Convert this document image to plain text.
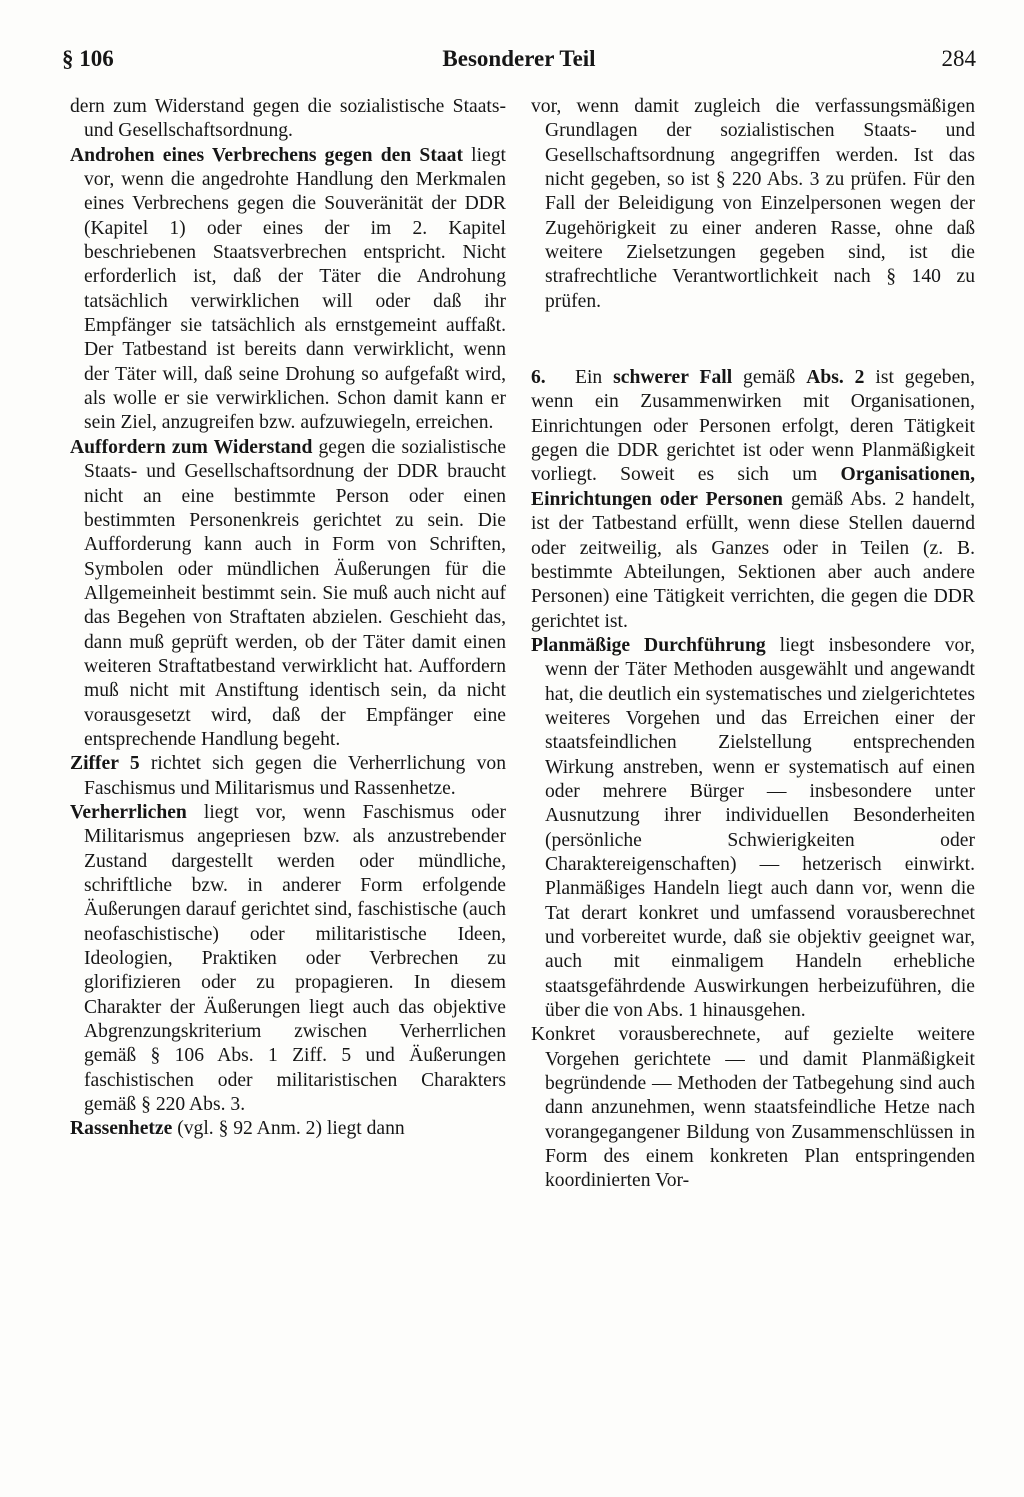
§ 106	Besonderer Teil	284

dern zum Widerstand gegen die sozialistische Staats- und Gesellschaftsordnung.

Androhen eines Verbrechens gegen den Staat liegt vor, wenn die angedrohte Handlung den Merkmalen eines Verbrechens gegen die Souveränität der DDR (Kapitel 1) oder eines der im 2. Kapitel beschriebenen Staatsverbrechen entspricht. Nicht erforderlich ist, daß der Täter die Androhung tatsächlich verwirklichen will oder daß ihr Empfänger sie tatsächlich als ernstgemeint auffaßt. Der Tatbestand ist bereits dann verwirklicht, wenn der Täter will, daß seine Drohung so aufgefaßt wird, als wolle er sie verwirklichen. Schon damit kann er sein Ziel, anzugreifen bzw. aufzuwiegeln, erreichen.

Auffordern zum Widerstand gegen die sozialistische Staats- und Gesellschaftsordnung der DDR braucht nicht an eine bestimmte Person oder einen bestimmten Personenkreis gerichtet zu sein. Die Aufforderung kann auch in Form von Schriften, Symbolen oder mündlichen Äußerungen für die Allgemeinheit bestimmt sein. Sie muß auch nicht auf das Begehen von Straftaten abzielen. Geschieht das, dann muß geprüft werden, ob der Täter damit einen weiteren Straftatbestand verwirklicht hat. Auffordern muß nicht mit Anstiftung identisch sein, da nicht vorausgesetzt wird, daß der Empfänger eine entsprechende Handlung begeht.

Ziffer 5 richtet sich gegen die Verherrlichung von Faschismus und Militarismus und Rassenhetze.

Verherrlichen liegt vor, wenn Faschismus oder Militarismus angepriesen bzw. als anzustrebender Zustand dargestellt werden oder mündliche, schriftliche bzw. in anderer Form erfolgende Äußerungen darauf gerichtet sind, faschistische (auch neofaschistische) oder militaristische Ideen, Ideologien, Praktiken oder Verbrechen zu glorifizieren oder zu propagieren. In diesem Charakter der Äußerungen liegt auch das objektive Abgrenzungskriterium zwischen Verherrlichen gemäß § 106 Abs. 1 Ziff. 5 und Äußerungen faschistischen oder militaristischen Charakters gemäß § 220 Abs. 3.

Rassenhetze (vgl. § 92 Anm. 2) liegt dann

vor, wenn damit zugleich die verfassungsmäßigen Grundlagen der sozialistischen Staats- und Gesellschaftsordnung angegriffen werden. Ist das nicht gegeben, so ist § 220 Abs. 3 zu prüfen. Für den Fall der Beleidigung von Einzelpersonen wegen der Zugehörigkeit zu einer anderen Rasse, ohne daß weitere Zielsetzungen gegeben sind, ist die strafrechtliche Verantwortlichkeit nach § 140 zu prüfen.

6. Ein schwerer Fall gemäß Abs. 2 ist gegeben, wenn ein Zusammenwirken mit Organisationen, Einrichtungen oder Personen erfolgt, deren Tätigkeit gegen die DDR gerichtet ist oder wenn Planmäßigkeit vorliegt. Soweit es sich um Organisationen, Einrichtungen oder Personen gemäß Abs. 2 handelt, ist der Tatbestand erfüllt, wenn diese Stellen dauernd oder zeitweilig, als Ganzes oder in Teilen (z. B. bestimmte Abteilungen, Sektionen aber auch andere Personen) eine Tätigkeit verrichten, die gegen die DDR gerichtet ist.

Planmäßige Durchführung liegt insbesondere vor, wenn der Täter Methoden ausgewählt und angewandt hat, die deutlich ein systematisches und zielgerichtetes weiteres Vorgehen und das Erreichen einer der staatsfeindlichen Zielstellung entsprechenden Wirkung anstreben, wenn er systematisch auf einen oder mehrere Bürger — insbesondere unter Ausnutzung ihrer individuellen Besonderheiten (persönliche Schwierigkeiten oder Charaktereigenschaften) — hetzerisch einwirkt. Planmäßiges Handeln liegt auch dann vor, wenn die Tat derart konkret und umfassend vorausberechnet und vorbereitet wurde, daß sie objektiv geeignet war, auch mit einmaligem Handeln erhebliche staatsgefährdende Auswirkungen herbeizuführen, die über die von Abs. 1 hinausgehen.

Konkret vorausberechnete, auf gezielte weitere Vorgehen gerichtete — und damit Planmäßigkeit begründende — Methoden der Tatbegehung sind auch dann anzunehmen, wenn staatsfeindliche Hetze nach vorangegangener Bildung von Zusammenschlüssen in Form des einem konkreten Plan entspringenden koordinierten Vor-
